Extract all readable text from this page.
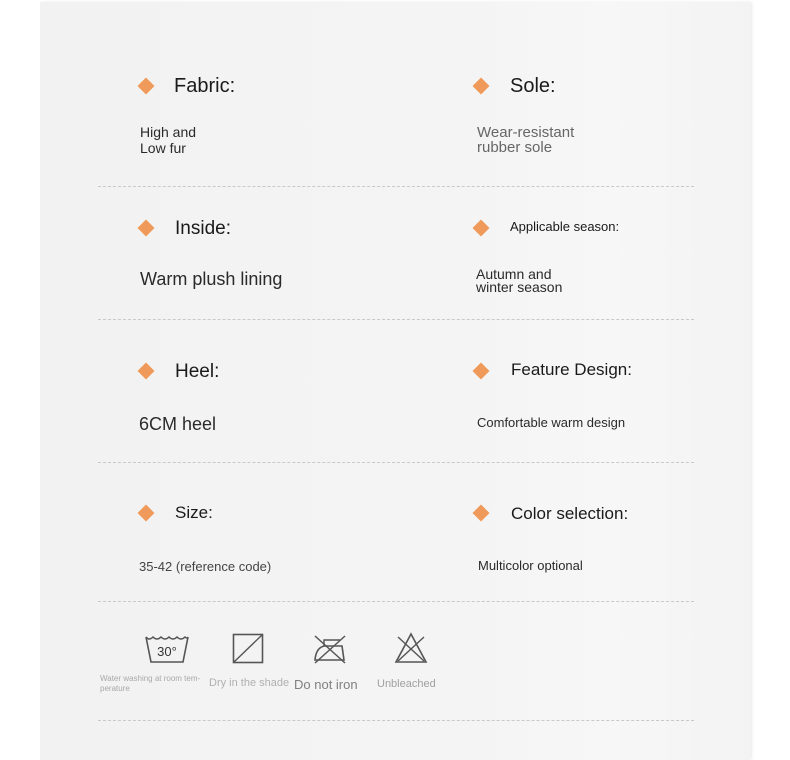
Fabric:
High and
Low fur
Sole:
Wear-resistant
rubber sole
Inside:
Warm plush lining
Applicable season:
Autumn and
winter season
Heel:
6CM heel
Feature Design:
Comfortable warm design
Size:
35-42 (reference code)
Color selection:
Multicolor optional
30°
Water washing at room tem-
perature	Dry in the shade Do not iron Unbleached
